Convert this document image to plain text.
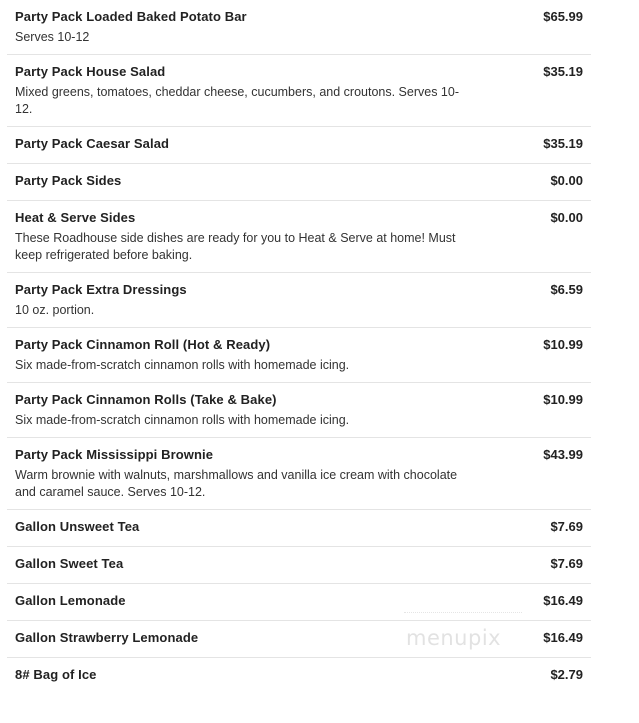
Party Pack Loaded Baked Potato Bar	$65.99
Serves 10-12
Party Pack House Salad	$35.19
Mixed greens, tomatoes, cheddar cheese, cucumbers, and croutons. Serves 10-12.
Party Pack Caesar Salad	$35.19
Party Pack Sides	$0.00
Heat & Serve Sides	$0.00
These Roadhouse side dishes are ready for you to Heat & Serve at home! Must keep refrigerated before baking.
Party Pack Extra Dressings	$6.59
10 oz. portion.
Party Pack Cinnamon Roll (Hot & Ready)	$10.99
Six made-from-scratch cinnamon rolls with homemade icing.
Party Pack Cinnamon Rolls (Take & Bake)	$10.99
Six made-from-scratch cinnamon rolls with homemade icing.
Party Pack Mississippi Brownie	$43.99
Warm brownie with walnuts, marshmallows and vanilla ice cream with chocolate and caramel sauce. Serves 10-12.
Gallon Unsweet Tea	$7.69
Gallon Sweet Tea	$7.69
Gallon Lemonade	$16.49
Gallon Strawberry Lemonade	$16.49
8# Bag of Ice	$2.79
menupix
